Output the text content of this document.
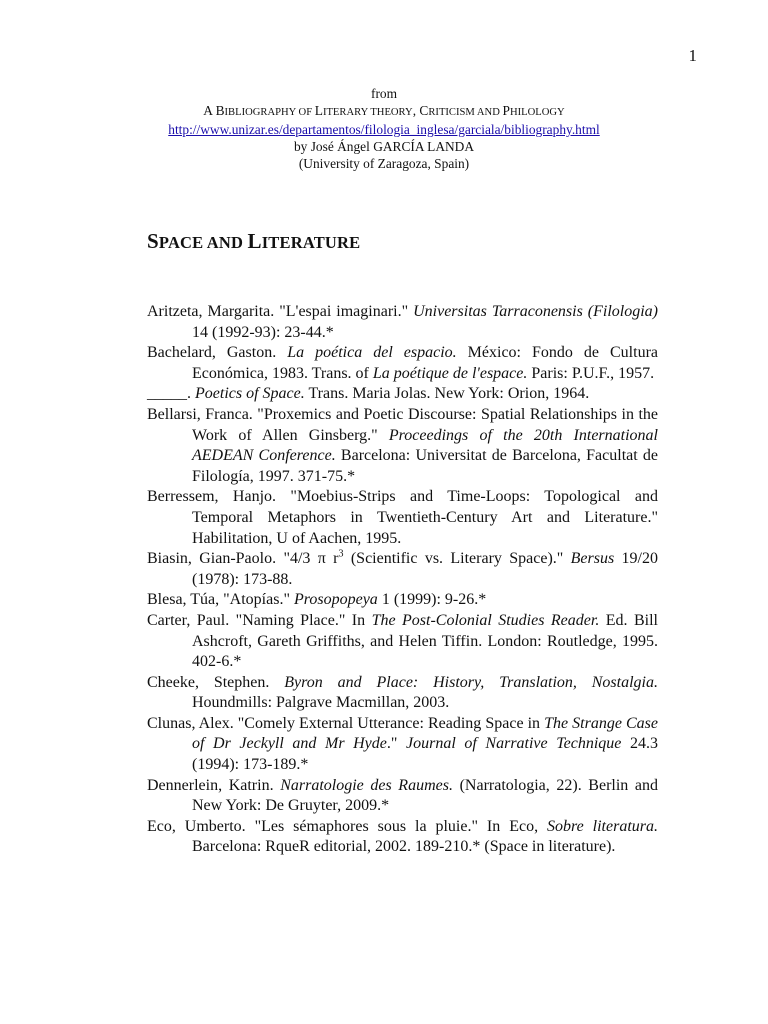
1
from
A BIBLIOGRAPHY OF LITERARY THEORY, CRITICISM AND PHILOLOGY
http://www.unizar.es/departamentos/filologia_inglesa/garciala/bibliography.html
by José Ángel GARCÍA LANDA
(University of Zaragoza, Spain)
SPACE AND LITERATURE

Aritzeta, Margarita. "L'espai imaginari." Universitas Tarraconensis (Filologia) 14 (1992-93): 23-44.*

Bachelard, Gaston. La poética del espacio. México: Fondo de Cultura Económica, 1983. Trans. of La poétique de l'espace. Paris: P.U.F., 1957.

_____. Poetics of Space. Trans. Maria Jolas. New York: Orion, 1964.

Bellarsi, Franca. "Proxemics and Poetic Discourse: Spatial Relationships in the Work of Allen Ginsberg." Proceedings of the 20th International AEDEAN Conference. Barcelona: Universitat de Barcelona, Facultat de Filología, 1997. 371-75.*

Berressem, Hanjo. "Moebius-Strips and Time-Loops: Topological and Temporal Metaphors in Twentieth-Century Art and Literature." Habilitation, U of Aachen, 1995.

Biasin, Gian-Paolo. "4/3 π $r^3$ (Scientific vs. Literary Space)." Bersus 19/20 (1978): 173-88.

Blesa, Túa, "Atopías." Prosopopeya 1 (1999): 9-26.*

Carter, Paul. "Naming Place." In The Post-Colonial Studies Reader. Ed. Bill Ashcroft, Gareth Griffiths, and Helen Tiffin. London: Routledge, 1995. 402-6.*

Cheeke, Stephen. Byron and Place: History, Translation, Nostalgia. Houndmills: Palgrave Macmillan, 2003.

Clunas, Alex. "Comely External Utterance: Reading Space in The Strange Case of Dr Jeckyll and Mr Hyde." Journal of Narrative Technique 24.3 (1994): 173-189.*

Dennerlein, Katrin. Narratologie des Raumes. (Narratologia, 22). Berlin and New York: De Gruyter, 2009.*

Eco, Umberto. "Les sémaphores sous la pluie." In Eco, Sobre literatura. Barcelona: RqueR editorial, 2002. 189-210.* (Space in literature).
